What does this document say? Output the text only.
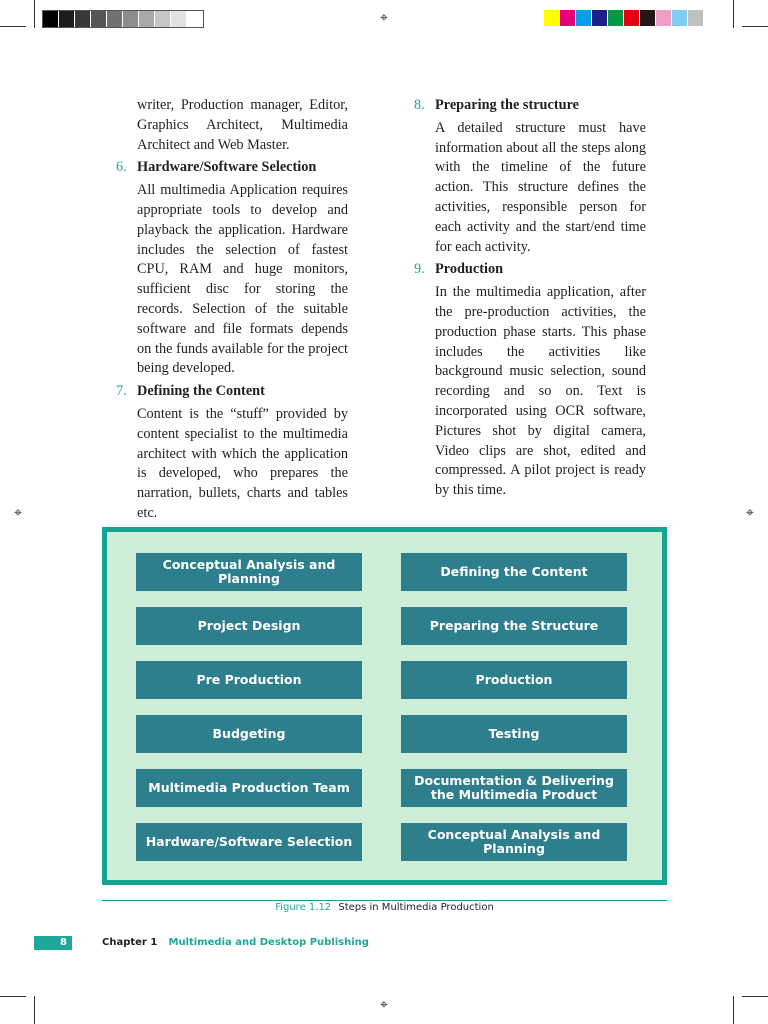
⌖
⌖
⌖	⌖

writer, Production manager, Editor, Graphics Architect, Multimedia Architect and Web Master.

6. Hardware/Software Selection

All multimedia Application requires appropriate tools to develop and playback the application. Hardware includes the selection of fastest CPU, RAM and huge monitors, sufficient disc for storing the records. Selection of the suitable software and file formats depends on the funds available for the project being developed.

7. Defining the Content

Content is the “stuff” provided by content specialist to the multimedia architect with which the application is developed, who prepares the narration, bullets, charts and tables etc.

8. Preparing the structure

A detailed structure must have information about all the steps along with the timeline of the future action. This structure defines the activities, responsible person for each activity and the start/end time for each activity.

9. Production

In the multimedia application, after the pre-production activities, the production phase starts. This phase includes the activities like background music selection, sound recording and so on. Text is incorporated using OCR software, Pictures shot by digital camera, Video clips are shot, edited and compressed. A pilot project is ready by this time.

Conceptual Analysis and Planning
Project Design
Pre Production
Budgeting
Multimedia Production Team
Hardware/Software Selection
Defining the Content
Preparing the Structure
Production
Testing
Documentation & Delivering the Multimedia Product
Conceptual Analysis and Planning
Figure 1.12 Steps in Multimedia Production
8	Chapter 1 Multimedia and Desktop Publishing
